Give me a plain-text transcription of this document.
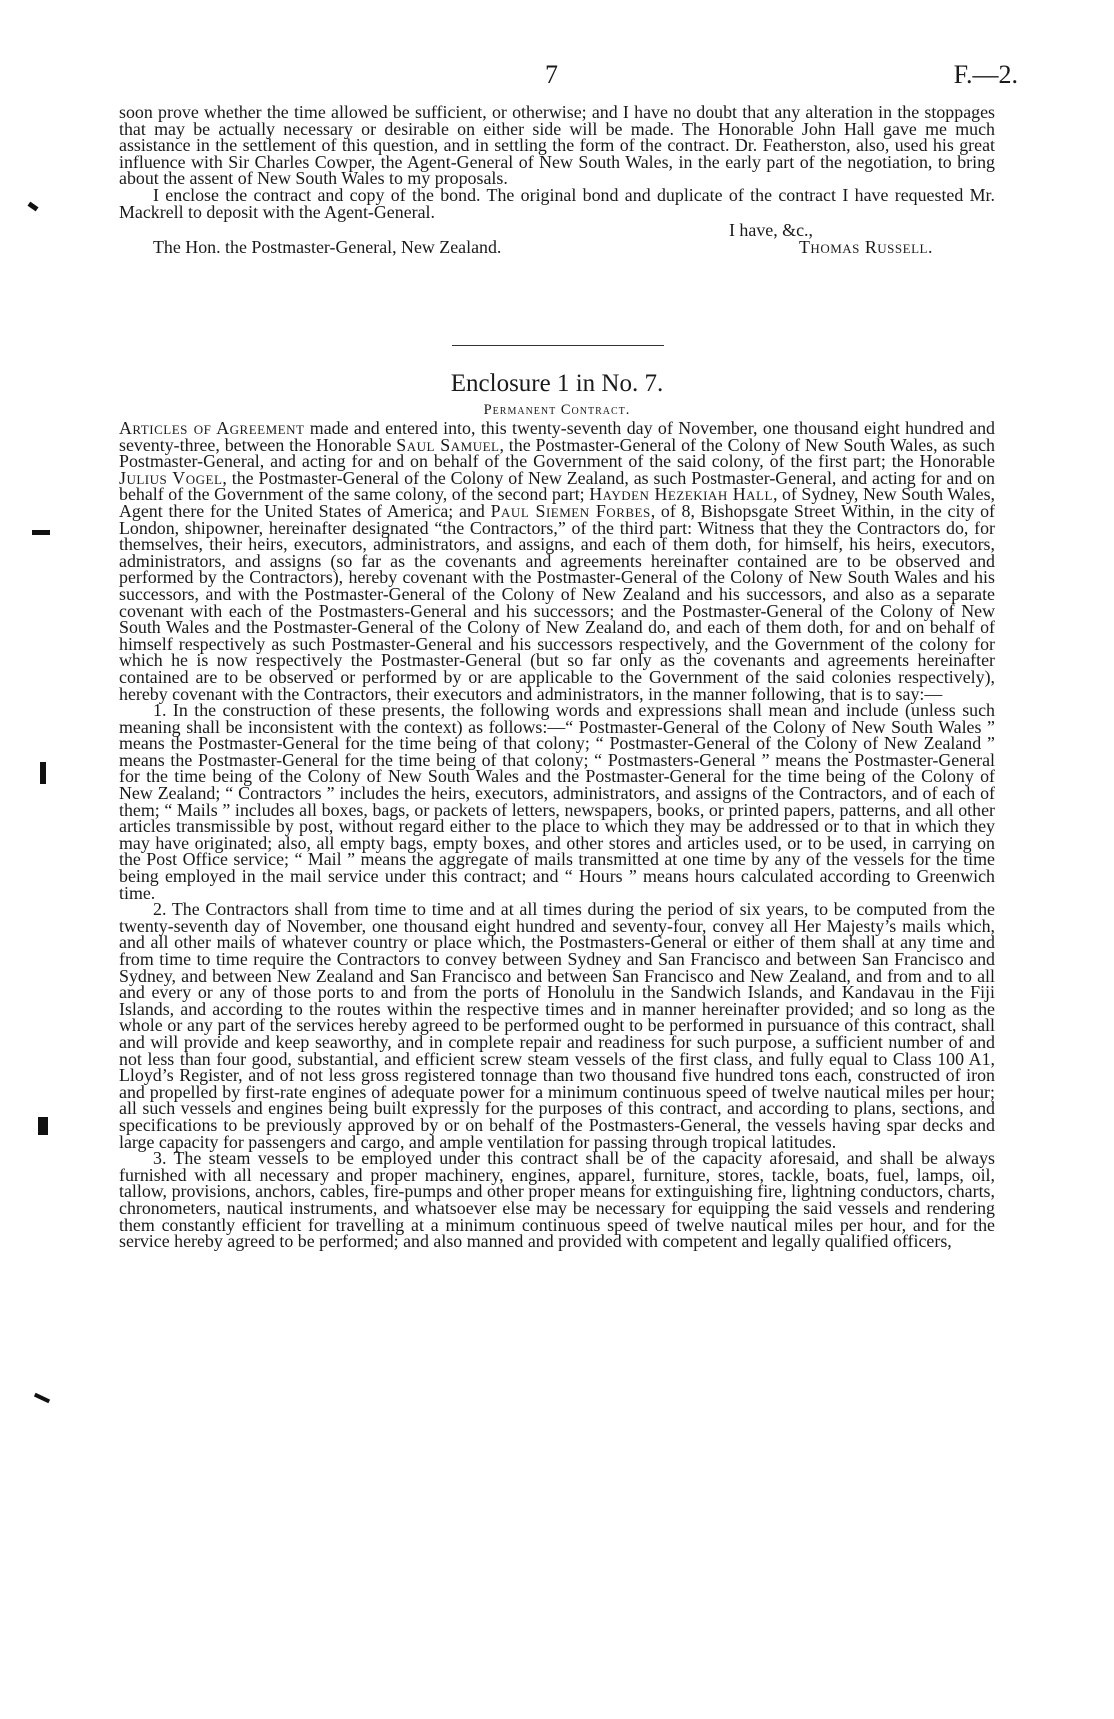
7	F.—2.

soon prove whether the time allowed be sufficient, or otherwise; and I have no doubt that any alteration in the stoppages that may be actually necessary or desirable on either side will be made. The Honorable John Hall gave me much assistance in the settlement of this question, and in settling the form of the contract. Dr. Featherston, also, used his great influence with Sir Charles Cowper, the Agent-General of New South Wales, in the early part of the negotiation, to bring about the assent of New South Wales to my proposals.

I enclose the contract and copy of the bond. The original bond and duplicate of the contract I have requested Mr. Mackrell to deposit with the Agent-General.

I have, &c.,
The Hon. the Postmaster-General, New Zealand.	Thomas Russell.
Enclosure 1 in No. 7.
Permanent Contract.

Articles of Agreement made and entered into, this twenty-seventh day of November, one thousand eight hundred and seventy-three, between the Honorable Saul Samuel, the Postmaster-General of the Colony of New South Wales, as such Postmaster-General, and acting for and on behalf of the Government of the said colony, of the first part; the Honorable Julius Vogel, the Postmaster-General of the Colony of New Zealand, as such Postmaster-General, and acting for and on behalf of the Government of the same colony, of the second part; Hayden Hezekiah Hall, of Sydney, New South Wales, Agent there for the United States of America; and Paul Siemen Forbes, of 8, Bishopsgate Street Within, in the city of London, shipowner, hereinafter designated “the Contractors,” of the third part: Witness that they the Contractors do, for themselves, their heirs, executors, administrators, and assigns, and each of them doth, for himself, his heirs, executors, administrators, and assigns (so far as the covenants and agreements hereinafter contained are to be observed and performed by the Contractors), hereby covenant with the Postmaster-General of the Colony of New South Wales and his successors, and with the Postmaster-General of the Colony of New Zealand and his successors, and also as a separate covenant with each of the Postmasters-General and his successors; and the Postmaster-General of the Colony of New South Wales and the Postmaster-General of the Colony of New Zealand do, and each of them doth, for and on behalf of himself respectively as such Postmaster-General and his successors respectively, and the Government of the colony for which he is now respectively the Postmaster-General (but so far only as the covenants and agreements hereinafter contained are to be observed or performed by or are applicable to the Government of the said colonies respectively), hereby covenant with the Contractors, their executors and administrators, in the manner following, that is to say:—

1. In the construction of these presents, the following words and expressions shall mean and include (unless such meaning shall be inconsistent with the context) as follows:—“ Postmaster-General of the Colony of New South Wales ” means the Postmaster-General for the time being of that colony; “ Postmaster-General of the Colony of New Zealand ” means the Postmaster-General for the time being of that colony; “ Postmasters-General ” means the Postmaster-General for the time being of the Colony of New South Wales and the Postmaster-General for the time being of the Colony of New Zealand; “ Contractors ” includes the heirs, executors, administrators, and assigns of the Contractors, and of each of them; “ Mails ” includes all boxes, bags, or packets of letters, newspapers, books, or printed papers, patterns, and all other articles transmissible by post, without regard either to the place to which they may be addressed or to that in which they may have originated; also, all empty bags, empty boxes, and other stores and articles used, or to be used, in carrying on the Post Office service; “ Mail ” means the aggregate of mails transmitted at one time by any of the vessels for the time being employed in the mail service under this contract; and “ Hours ” means hours calculated according to Greenwich time.

2. The Contractors shall from time to time and at all times during the period of six years, to be computed from the twenty-seventh day of November, one thousand eight hundred and seventy-four, convey all Her Majesty’s mails which, and all other mails of whatever country or place which, the Postmasters-General or either of them shall at any time and from time to time require the Contractors to convey between Sydney and San Francisco and between San Francisco and Sydney, and between New Zealand and San Francisco and between San Francisco and New Zealand, and from and to all and every or any of those ports to and from the ports of Honolulu in the Sandwich Islands, and Kandavau in the Fiji Islands, and according to the routes within the respective times and in manner hereinafter provided; and so long as the whole or any part of the services hereby agreed to be performed ought to be performed in pursuance of this contract, shall and will provide and keep seaworthy, and in complete repair and readiness for such purpose, a sufficient number of and not less than four good, substantial, and efficient screw steam vessels of the first class, and fully equal to Class 100 A1, Lloyd’s Register, and of not less gross registered tonnage than two thousand five hundred tons each, constructed of iron and propelled by first-rate engines of adequate power for a minimum continuous speed of twelve nautical miles per hour; all such vessels and engines being built expressly for the purposes of this contract, and according to plans, sections, and specifications to be previously approved by or on behalf of the Postmasters-General, the vessels having spar decks and large capacity for passengers and cargo, and ample ventilation for passing through tropical latitudes.

3. The steam vessels to be employed under this contract shall be of the capacity aforesaid, and shall be always furnished with all necessary and proper machinery, engines, apparel, furniture, stores, tackle, boats, fuel, lamps, oil, tallow, provisions, anchors, cables, fire-pumps and other proper means for extinguishing fire, lightning conductors, charts, chronometers, nautical instruments, and whatsoever else may be necessary for equipping the said vessels and rendering them constantly efficient for travelling at a minimum continuous speed of twelve nautical miles per hour, and for the service hereby agreed to be performed; and also manned and provided with competent and legally qualified officers,
